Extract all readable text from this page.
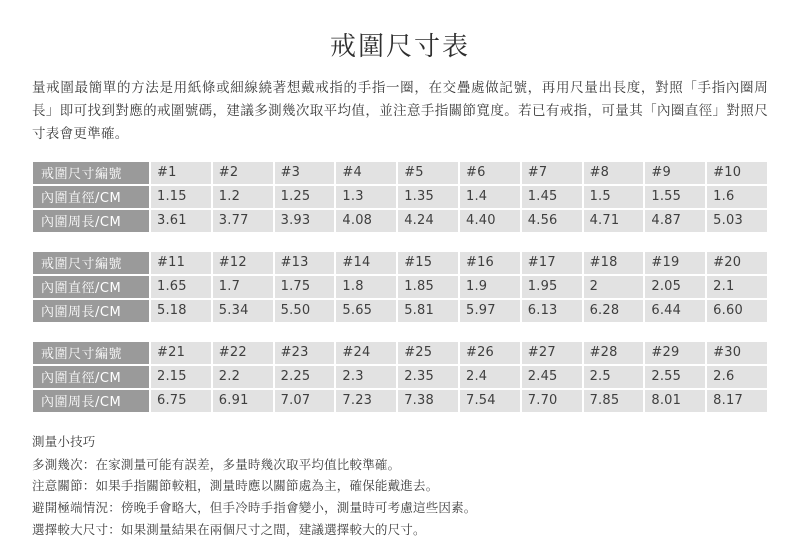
戒圍尺寸表

量戒圍最簡單的方法是用紙條或細線繞著想戴戒指的手指一圈，在交疊處做記號，再用尺量出長度，對照「手指內圈周長」即可找到對應的戒圍號碼，建議多測幾次取平均值，並注意手指關節寬度。若已有戒指，可量其「內圈直徑」對照尺寸表會更準確。

戒圍尺寸編號	#1	#2	#3	#4	#5	#6	#7	#8	#9	#10
內圍直徑/CM	1.15	1.2	1.25	1.3	1.35	1.4	1.45	1.5	1.55	1.6
內圍周長/CM	3.61	3.77	3.93	4.08	4.24	4.40	4.56	4.71	4.87	5.03
戒圍尺寸編號	#11	#12	#13	#14	#15	#16	#17	#18	#19	#20
內圍直徑/CM	1.65	1.7	1.75	1.8	1.85	1.9	1.95	2	2.05	2.1
內圍周長/CM	5.18	5.34	5.50	5.65	5.81	5.97	6.13	6.28	6.44	6.60
戒圍尺寸編號	#21	#22	#23	#24	#25	#26	#27	#28	#29	#30
內圍直徑/CM	2.15	2.2	2.25	2.3	2.35	2.4	2.45	2.5	2.55	2.6
內圍周長/CM	6.75	6.91	7.07	7.23	7.38	7.54	7.70	7.85	8.01	8.17
測量小技巧
多測幾次：在家測量可能有誤差，多量時幾次取平均值比較準確。
注意關節：如果手指關節較粗，測量時應以關節處為主，確保能戴進去。
避開極端情況：傍晚手會略大，但手冷時手指會變小，測量時可考慮這些因素。
選擇較大尺寸：如果測量結果在兩個尺寸之間，建議選擇較大的尺寸。
